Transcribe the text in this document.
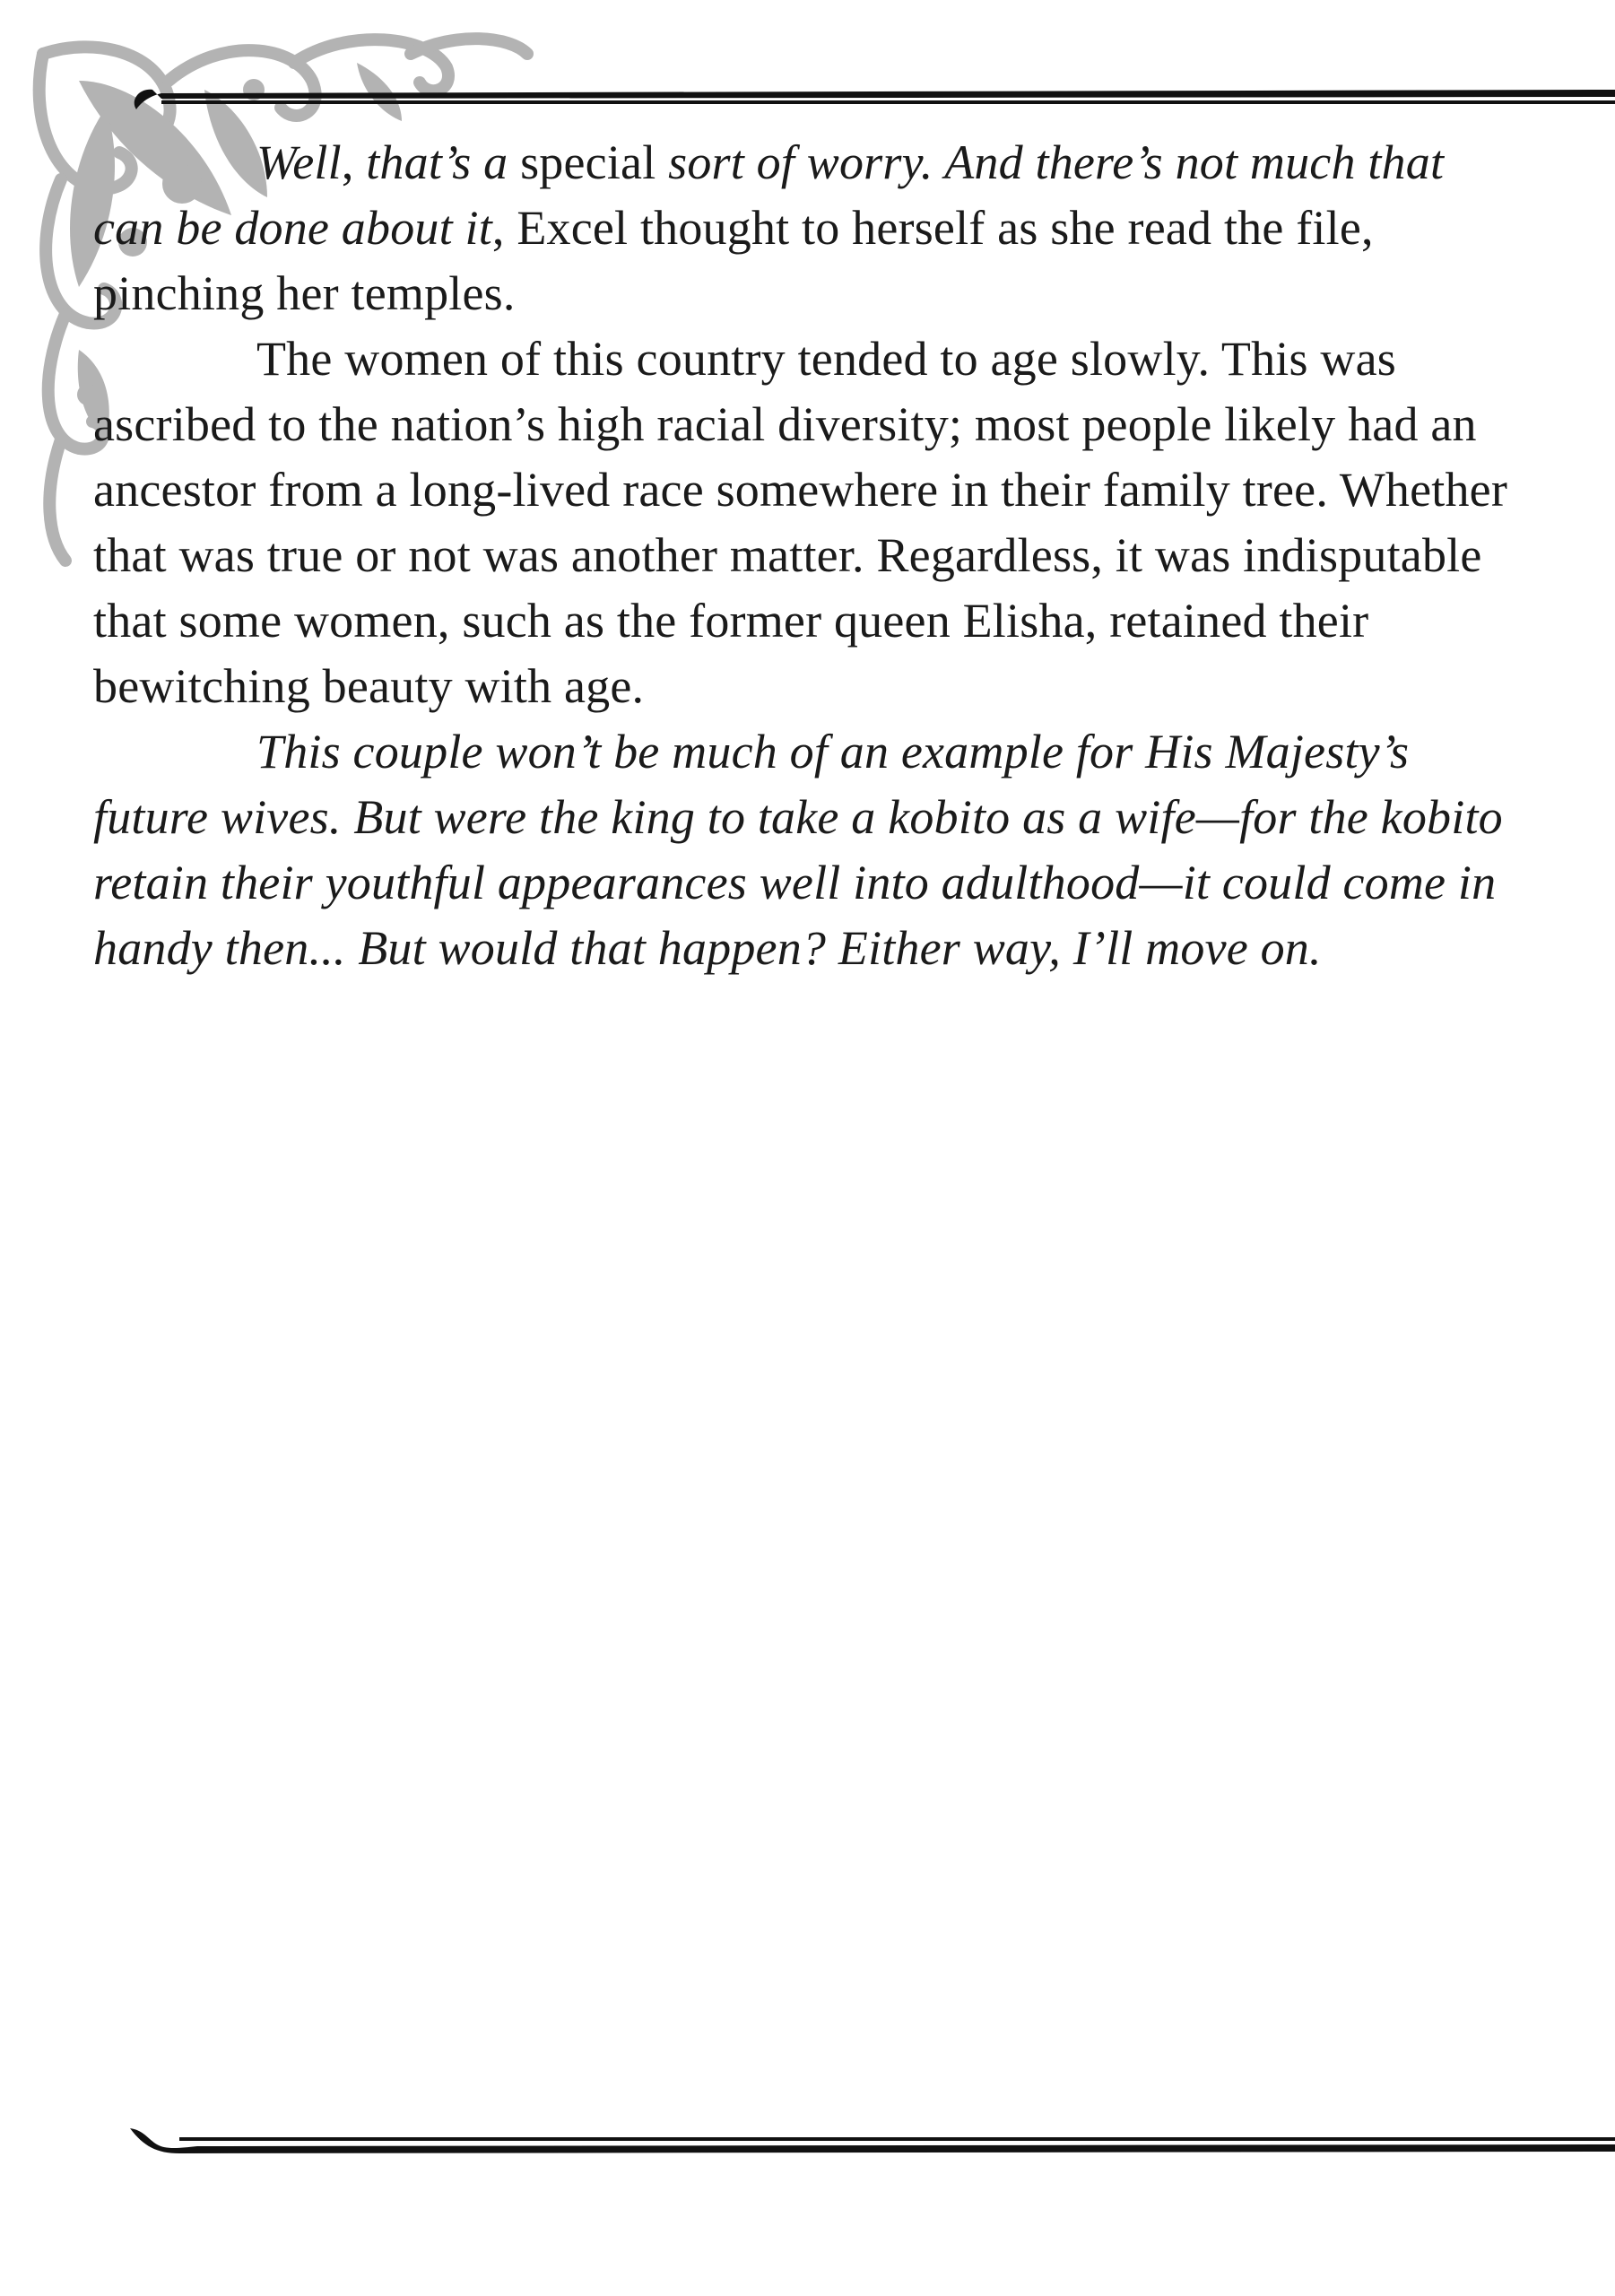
Well, that’s a special sort of worry. And there’s not much that can be done about it, Excel thought to herself as she read the file, pinching her temples.

The women of this country tended to age slowly. This was ascribed to the nation’s high racial diversity; most people likely had an ancestor from a long-lived race somewhere in their family tree. Whether that was true or not was another matter. Regardless, it was indisputable that some women, such as the former queen Elisha, retained their bewitching beauty with age.

This couple won’t be much of an example for His Majesty’s future wives. But were the king to take a kobito as a wife—for the kobito retain their youthful appearances well into adulthood—it could come in handy then... But would that happen? Either way, I’ll move on.
